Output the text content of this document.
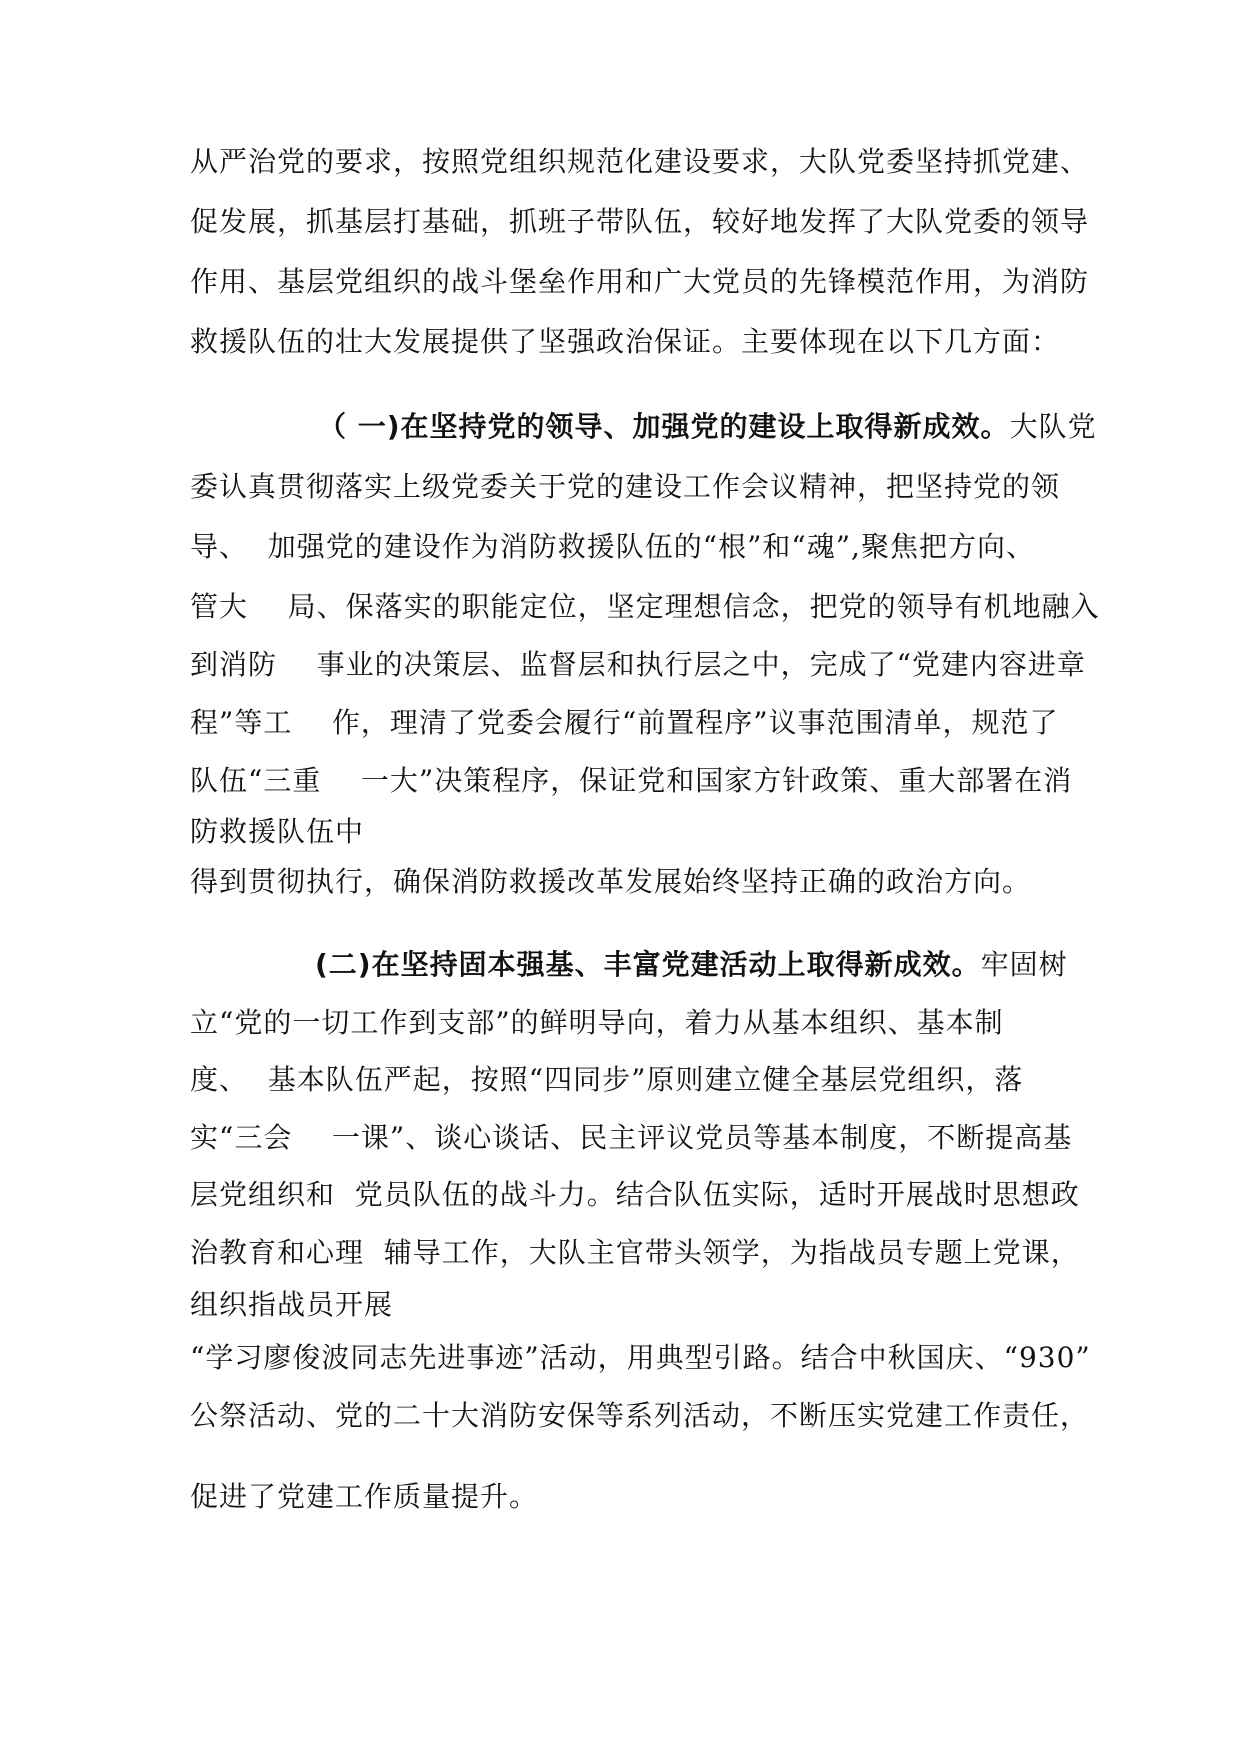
从严治党的要求，按照党组织规范化建设要求，大队党委坚持抓党建、
促发展，抓基层打基础，抓班子带队伍，较好地发挥了大队党委的领导
作用、基层党组织的战斗堡垒作用和广大党员的先锋模范作用，为消防
救援队伍的壮大发展提供了坚强政治保证。主要体现在以下几方面：
（ 一)在坚持党的领导、加强党的建设上取得新成效。大队党
委认真贯彻落实上级党委关于党的建设工作会议精神，把坚持党的领
导、  加强党的建设作为消防救援队伍的“根”和“魂”,聚焦把方向、
管大    局、保落实的职能定位，坚定理想信念，把党的领导有机地融入
到消防    事业的决策层、监督层和执行层之中，完成了“党建内容进章
程”等工    作，理清了党委会履行“前置程序”议事范围清单，规范了
队伍“三重    一大”决策程序，保证党和国家方针政策、重大部署在消
防救援队伍中
得到贯彻执行，确保消防救援改革发展始终坚持正确的政治方向。
(二)在坚持固本强基、丰富党建活动上取得新成效。牢固树
立“党的一切工作到支部”的鲜明导向，着力从基本组织、基本制
度、  基本队伍严起，按照“四同步”原则建立健全基层党组织，落
实“三会    一课”、谈心谈话、民主评议党员等基本制度，不断提高基
层党组织和  党员队伍的战斗力。结合队伍实际，适时开展战时思想政
治教育和心理  辅导工作，大队主官带头领学，为指战员专题上党课，
组织指战员开展
“学习廖俊波同志先进事迹”活动，用典型引路。结合中秋国庆、“930”
公祭活动、党的二十大消防安保等系列活动，不断压实党建工作责任，
促进了党建工作质量提升。
